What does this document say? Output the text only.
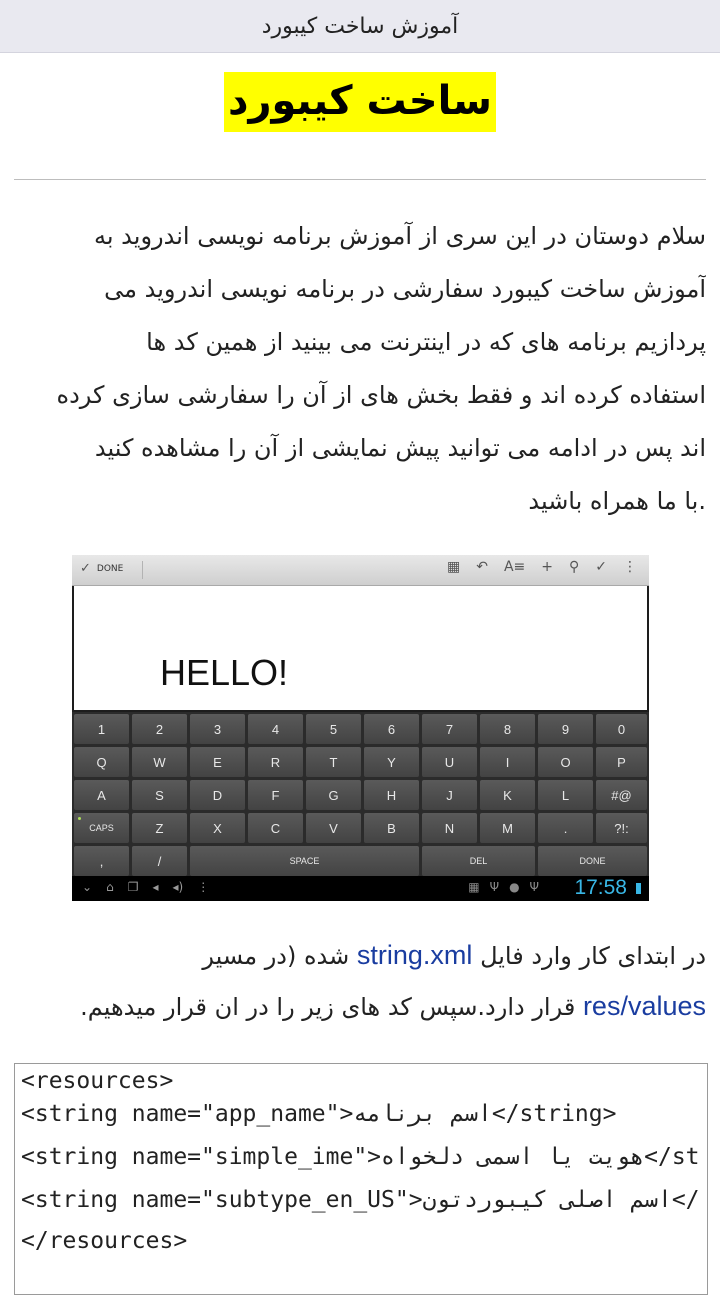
آموزش ساخت کیبورد
ساخت کیبورد
سلام دوستان در این سری از آموزش برنامه نویسی اندروید به
آموزش ساخت کیبورد سفارشی در برنامه نویسی اندروید می
پردازیم برنامه های که در اینترنت می بینید از همین کد ها
استفاده کرده اند و فقط بخش های از آن را سفارشی سازی کرده
اند پس در ادامه می توانید پیش نمایشی از آن را مشاهده کنید
.با ما همراه باشید
✓ DONE	▦ ↶ A≡ + ⚲ ✓ ⋮
HELLO!
1	2	3	4	5	6	7	8	9	0
Q	W	E	R	T	Y	U	I	O	P
A	S	D	F	G	H	J	K	L	#@
CAPS	Z	X	C	V	B	N	M	.	?!:
,	/	SPACE	DEL	DONE
⌄ ⌂ ❐ ◂ ◂) ⋮	▦ Ψ ● Ψ 17:58
در ابتدای کار وارد فایل string.xml شده (در مسیر
res/values قرار دارد.سپس کد های زیر را در ان قرار میدهیم.
<resources>
<string name="app_name">اسم برنامه</string>
<string name="simple_ime">هویت یا اسمی دلخواه</st
<string name="subtype_en_US">اسم اصلی کیبوردتون</
</resources>
